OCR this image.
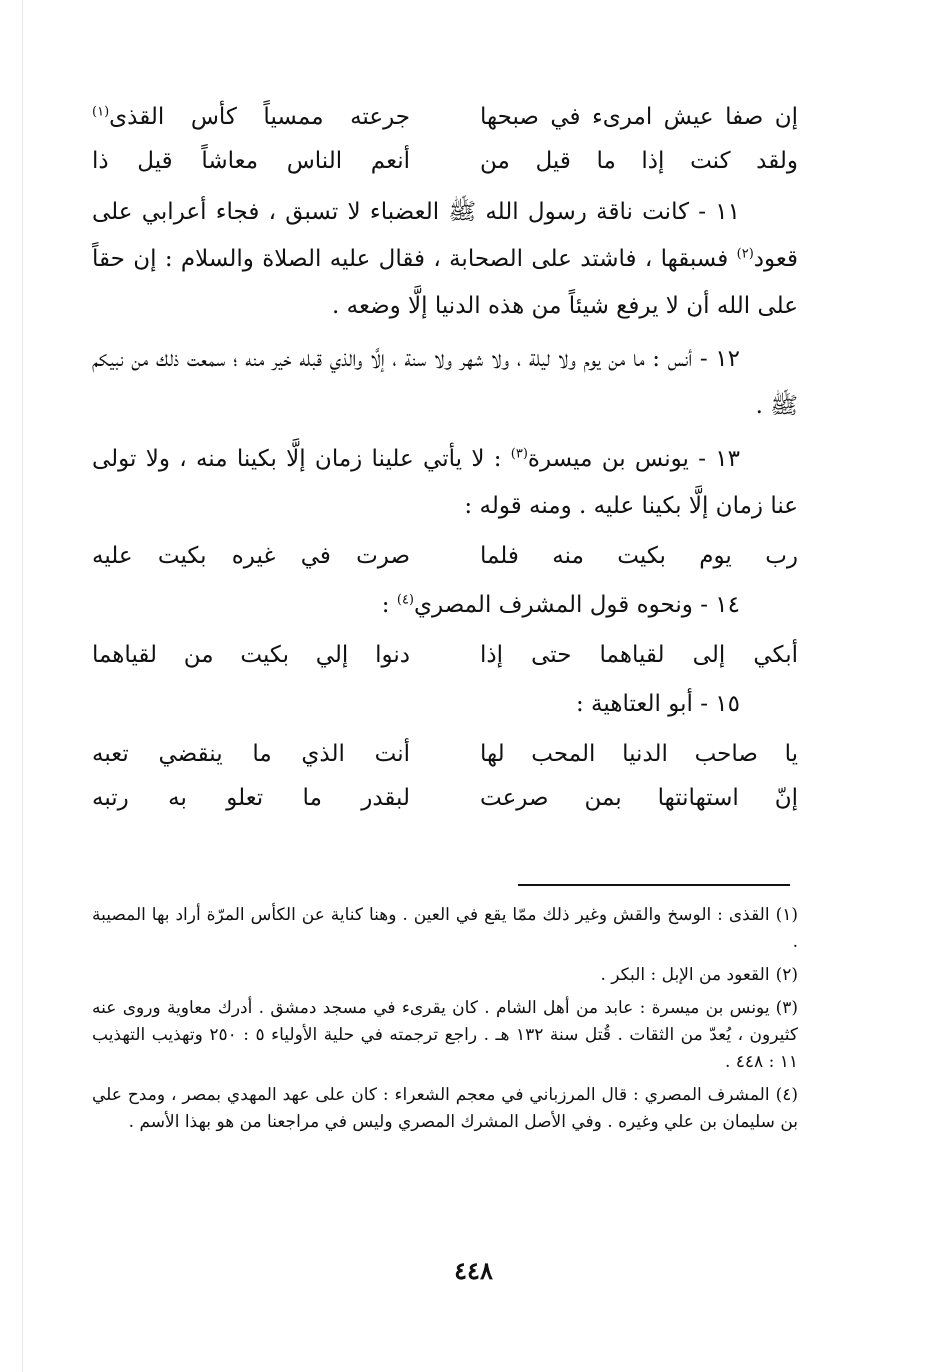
إن صفا عيش امرىء في صبحها
جرعته ممسياً كأس القذى$^{(١)}$
ولقد كنت إذا ما قيل من
أنعم الناس معاشاً قيل ذا

١١ - كانت ناقة رسول الله ﷺ العضباء لا تسبق ، فجاء أعرابي على قعود$^{(٢)}$ فسبقها ، فاشتد على الصحابة ، فقال عليه الصلاة والسلام : إن حقاً على الله أن لا يرفع شيئاً من هذه الدنيا إلَّا وضعه .

١٢ - أنس : ما من يوم ولا ليلة ، ولا شهر ولا سنة ، إلَّا والذي قبله خير منه ؛ سمعت ذلك من نبيكم ﷺ .

١٣ - يونس بن ميسرة$^{(٣)}$ : لا يأتي علينا زمان إلَّا بكينا منه ، ولا تولى عنا زمان إلَّا بكينا عليه . ومنه قوله :

رب يوم بكيت منه فلما
صرت في غيره بكيت عليه

١٤ - ونحوه قول المشرف المصري$^{(٤)}$ :

أبكي إلى لقياهما حتى إذا
دنوا إلي بكيت من لقياهما

١٥ - أبو العتاهية :

يا صاحب الدنيا المحب لها
أنت الذي ما ينقضي تعبه
إنّ استهانتها بمن صرعت
لبقدر ما تعلو به رتبه

(١)القذى : الوسخ والقش وغير ذلك ممّا يقع في العين . وهنا كناية عن الكأس المرّة أراد بها المصيبة .

(٢)القعود من الإبل : البكر .

(٣)يونس بن ميسرة : عابد من أهل الشام . كان يقرىء في مسجد دمشق . أدرك معاوية وروى عنه كثيرون ، يُعدّ من الثقات . قُتل سنة ١٣٢ هـ . راجع ترجمته في حلية الأولياء ٥ : ٢٥٠ وتهذيب التهذيب ١١ : ٤٤٨ .

(٤)المشرف المصري : قال المرزباني في معجم الشعراء : كان على عهد المهدي بمصر ، ومدح علي بن سليمان بن علي وغيره . وفي الأصل المشرك المصري وليس في مراجعنا من هو بهذا الأسم .

٤٤٨
